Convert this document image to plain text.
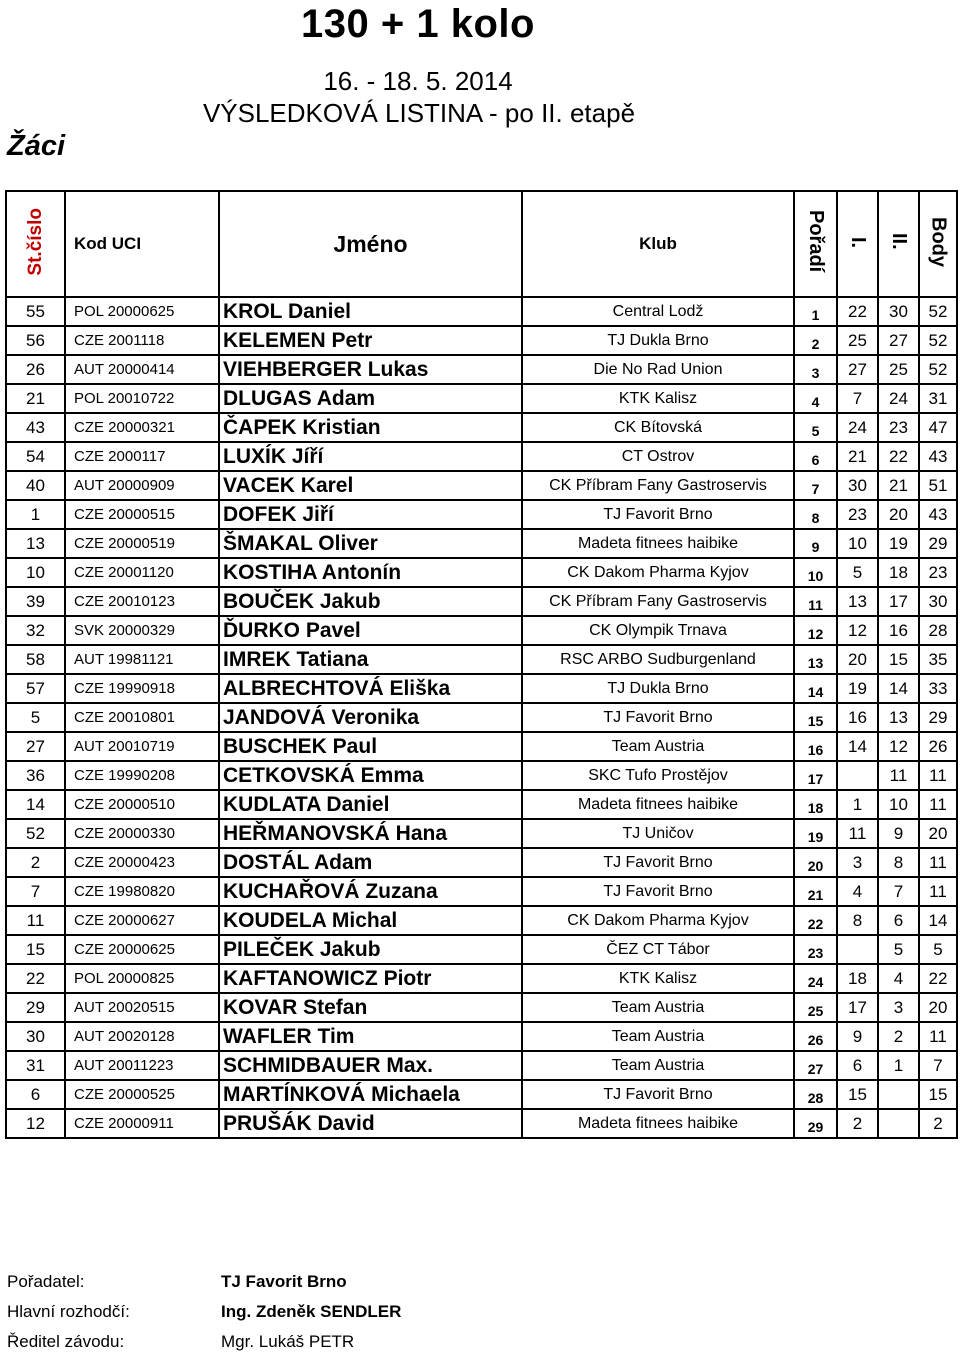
130 + 1 kolo
16. - 18. 5. 2014
VÝSLEDKOVÁ LISTINA - po II. etapě
Žáci
St.číslo	Kod UCI	Jméno	Klub	Pořadí	I.	II.	Body
55	POL 20000625	KROL Daniel	Central Lodž	1	22	30	52
56	CZE 2001118	KELEMEN Petr	TJ Dukla Brno	2	25	27	52
26	AUT 20000414	VIEHBERGER Lukas	Die No Rad Union	3	27	25	52
21	POL 20010722	DLUGAS Adam	KTK Kalisz	4	7	24	31
43	CZE 20000321	ČAPEK Kristian	CK Bítovská	5	24	23	47
54	CZE 2000117	LUXÍK Jíří	CT Ostrov	6	21	22	43
40	AUT 20000909	VACEK Karel	CK Příbram Fany Gastroservis	7	30	21	51
1	CZE 20000515	DOFEK Jiří	TJ Favorit Brno	8	23	20	43
13	CZE 20000519	ŠMAKAL Oliver	Madeta fitnees haibike	9	10	19	29
10	CZE 20001120	KOSTIHA Antonín	CK Dakom Pharma Kyjov	10	5	18	23
39	CZE 20010123	BOUČEK Jakub	CK Příbram Fany Gastroservis	11	13	17	30
32	SVK 20000329	ĎURKO Pavel	CK Olympik Trnava	12	12	16	28
58	AUT 19981121	IMREK Tatiana	RSC ARBO Sudburgenland	13	20	15	35
57	CZE 19990918	ALBRECHTOVÁ Eliška	TJ Dukla Brno	14	19	14	33
5	CZE 20010801	JANDOVÁ Veronika	TJ Favorit Brno	15	16	13	29
27	AUT 20010719	BUSCHEK Paul	Team Austria	16	14	12	26
36	CZE 19990208	CETKOVSKÁ Emma	SKC Tufo Prostějov	17		11	11
14	CZE 20000510	KUDLATA Daniel	Madeta fitnees haibike	18	1	10	11
52	CZE 20000330	HEŘMANOVSKÁ Hana	TJ Uničov	19	11	9	20
2	CZE 20000423	DOSTÁL Adam	TJ Favorit Brno	20	3	8	11
7	CZE 19980820	KUCHAŘOVÁ Zuzana	TJ Favorit Brno	21	4	7	11
11	CZE 20000627	KOUDELA Michal	CK Dakom Pharma Kyjov	22	8	6	14
15	CZE 20000625	PILEČEK Jakub	ČEZ CT Tábor	23		5	5
22	POL 20000825	KAFTANOWICZ Piotr	KTK Kalisz	24	18	4	22
29	AUT 20020515	KOVAR Stefan	Team Austria	25	17	3	20
30	AUT 20020128	WAFLER Tim	Team Austria	26	9	2	11
31	AUT 20011223	SCHMIDBAUER Max.	Team Austria	27	6	1	7
6	CZE 20000525	MARTÍNKOVÁ Michaela	TJ Favorit Brno	28	15		15
12	CZE 20000911	PRUŠÁK David	Madeta fitnees haibike	29	2		2
Pořadatel:	TJ Favorit Brno
Hlavní rozhodčí:	Ing. Zdeněk SENDLER
Ředitel závodu:	Mgr. Lukáš PETR
